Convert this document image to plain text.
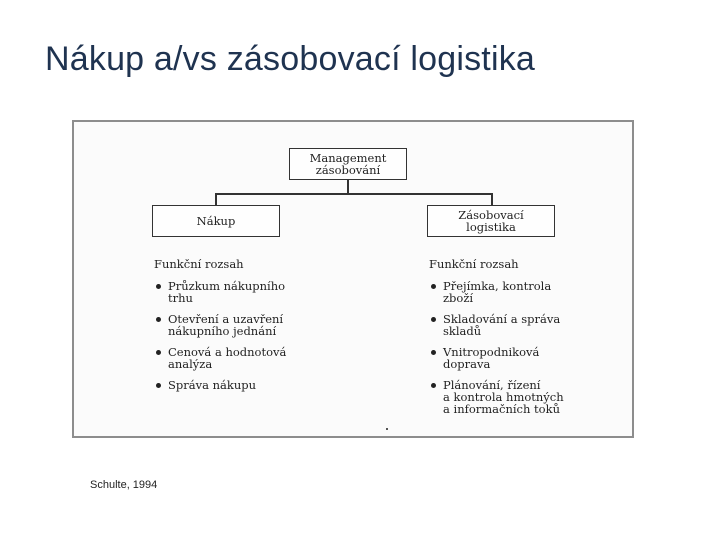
Nákup a/vs zásobovací logistika
Management
zásobování
Nákup	Zásobovací
logistika
Funkční rozsah	Funkční rozsah
Průzkum nákupního
trhu
Otevření a uzavření
nákupního jednání
Cenová a hodnotová
analýza
Správa nákupu
Přejímka, kontrola
zboží
Skladování a správa
skladů
Vnitropodniková
doprava
Plánování, řízení
a kontrola hmotných
a informačních toků
Schulte, 1994
